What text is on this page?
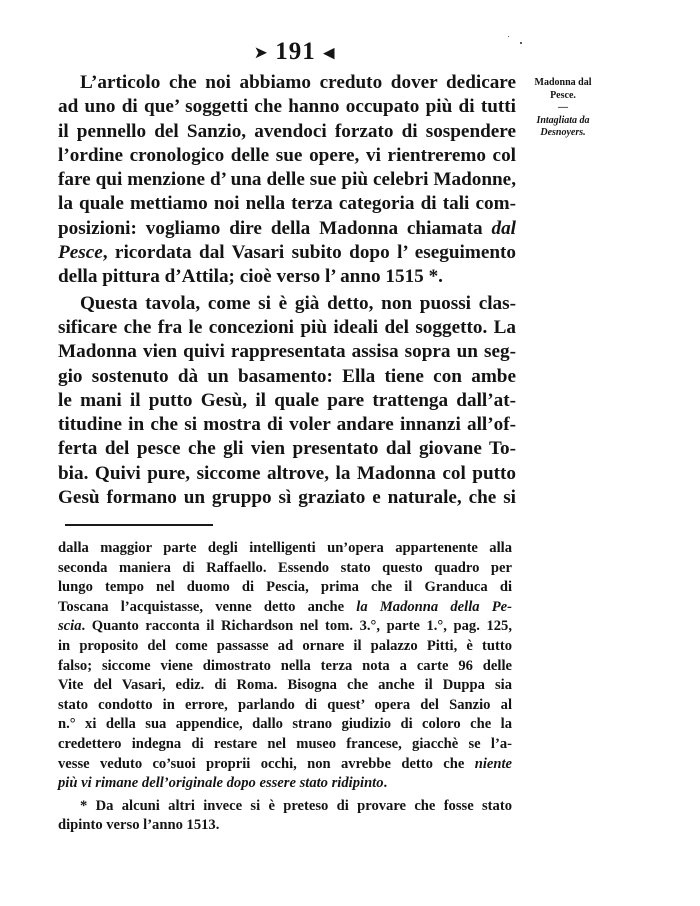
➤ 191 ◀
Madonna dal
Pesce.
—
Intagliata da
Desnoyers.
L’articolo che noi abbiamo creduto dover dedicare
ad uno di que’ soggetti che hanno occupato più di tutti
il pennello del Sanzio, avendoci forzato di sospendere
l’ordine cronologico delle sue opere, vi rientreremo col
fare qui menzione d’ una delle sue più celebri Madonne,
la quale mettiamo noi nella terza categoria di tali com-
posizioni: vogliamo dire della Madonna chiamata dal
Pesce, ricordata dal Vasari subito dopo l’ eseguimento
della pittura d’Attila; cioè verso l’ anno 1515 *.
Questa tavola, come si è già detto, non puossi clas-
sificare che fra le concezioni più ideali del soggetto. La
Madonna vien quivi rappresentata assisa sopra un seg-
gio sostenuto dà un basamento: Ella tiene con ambe
le mani il putto Gesù, il quale pare trattenga dall’at-
titudine in che si mostra di voler andare innanzi all’of-
ferta del pesce che gli vien presentato dal giovane To-
bia. Quivi pure, siccome altrove, la Madonna col putto
Gesù formano un gruppo sì graziato e naturale, che si
dalla maggior parte degli intelligenti un’opera appartenente alla
seconda maniera di Raffaello. Essendo stato questo quadro per
lungo tempo nel duomo di Pescia, prima che il Granduca di
Toscana l’acquistasse, venne detto anche la Madonna della Pe-
scia. Quanto racconta il Richardson nel tom. 3.°, parte 1.°, pag. 125,
in proposito del come passasse ad ornare il palazzo Pitti, è tutto
falso; siccome viene dimostrato nella terza nota a carte 96 delle
Vite del Vasari, ediz. di Roma. Bisogna che anche il Duppa sia
stato condotto in errore, parlando di quest’ opera del Sanzio al
n.° xi della sua appendice, dallo strano giudizio di coloro che la
credettero indegna di restare nel museo francese, giacchè se l’a-
vesse veduto co’suoi proprii occhi, non avrebbe detto che niente
più vi rimane dell’originale dopo essere stato ridipinto.
* Da alcuni altri invece si è preteso di provare che fosse stato
dipinto verso l’anno 1513.
